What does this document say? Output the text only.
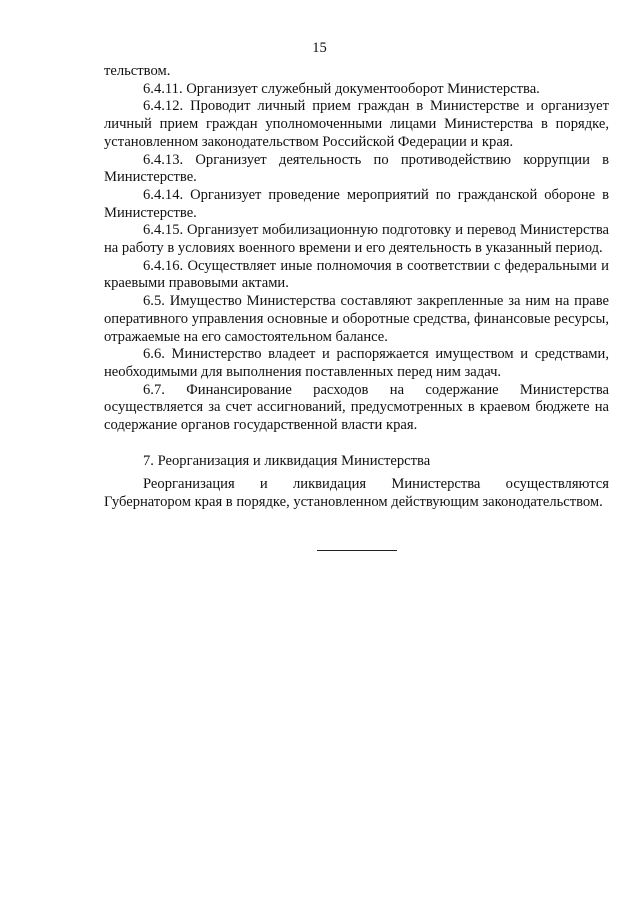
15

тельством.

6.4.11. Организует служебный документооборот Министерства.

6.4.12. Проводит личный прием граждан в Министерстве и организует личный прием граждан уполномоченными лицами Министерства в порядке, установленном законодательством Российской Федерации и края.

6.4.13. Организует деятельность по противодействию коррупции в Министерстве.

6.4.14. Организует проведение мероприятий по гражданской обороне в Министерстве.

6.4.15. Организует мобилизационную подготовку и перевод Министерства на работу в условиях военного времени и его деятельность в указанный период.

6.4.16. Осуществляет иные полномочия в соответствии с федеральными и краевыми правовыми актами.

6.5. Имущество Министерства составляют закрепленные за ним на праве оперативного управления основные и оборотные средства, финансовые ресурсы, отражаемые на его самостоятельном балансе.

6.6. Министерство владеет и распоряжается имуществом и средствами, необходимыми для выполнения поставленных перед ним задач.

6.7. Финансирование расходов на содержание Министерства осуществляется за счет ассигнований, предусмотренных в краевом бюджете на содержание органов государственной власти края.

7. Реорганизация и ликвидация Министерства

Реорганизация и ликвидация Министерства осуществляются Губернатором края в порядке, установленном действующим законодательством.
